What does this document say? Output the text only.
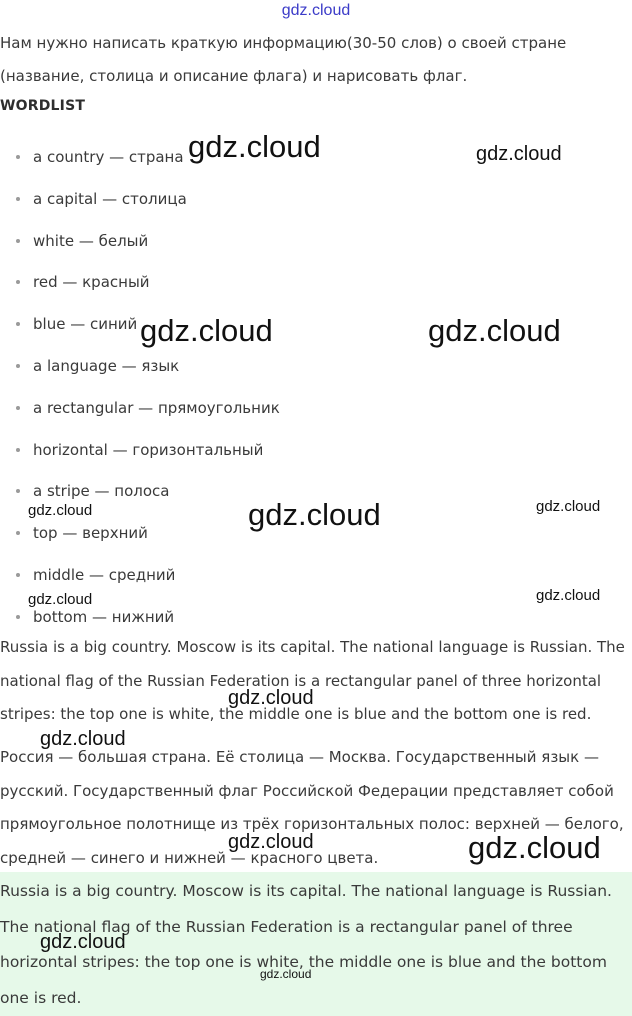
gdz.cloud

Нам нужно написать краткую информацию(30-50 слов) о своей стране (название, столица и описание флага) и нарисовать флаг.

WORDLIST
a country — страна
a capital — столица
white — белый
red — красный
blue — синий
a language — язык
a rectangular — прямоугольник
horizontal — горизонтальный
a stripe — полоса
top — верхний
middle — средний
bottom — нижний

Russia is a big country. Moscow is its capital. The national language is Russian. The national flag of the Russian Federation is a rectangular panel of three horizontal stripes: the top one is white, the middle one is blue and the bottom one is red.

Россия — большая страна. Её столица — Москва. Государственный язык — русский. Государственный флаг Российской Федерации представляет собой прямоугольное полотнище из трёх горизонтальных полос: верхней — белого, средней — синего и нижней — красного цвета.

Russia is a big country. Moscow is its capital. The national language is Russian. The national flag of the Russian Federation is a rectangular panel of three horizontal stripes: the top one is white, the middle one is blue and the bottom one is red.

gdz.cloud	gdz.cloud
gdz.cloud	gdz.cloud
gdz.cloud
gdz.cloud	gdz.cloud
gdz.cloud	gdz.cloud
gdz.cloud
gdz.cloud
gdz.cloud	gdz.cloud
gdz.cloud
gdz.cloud
